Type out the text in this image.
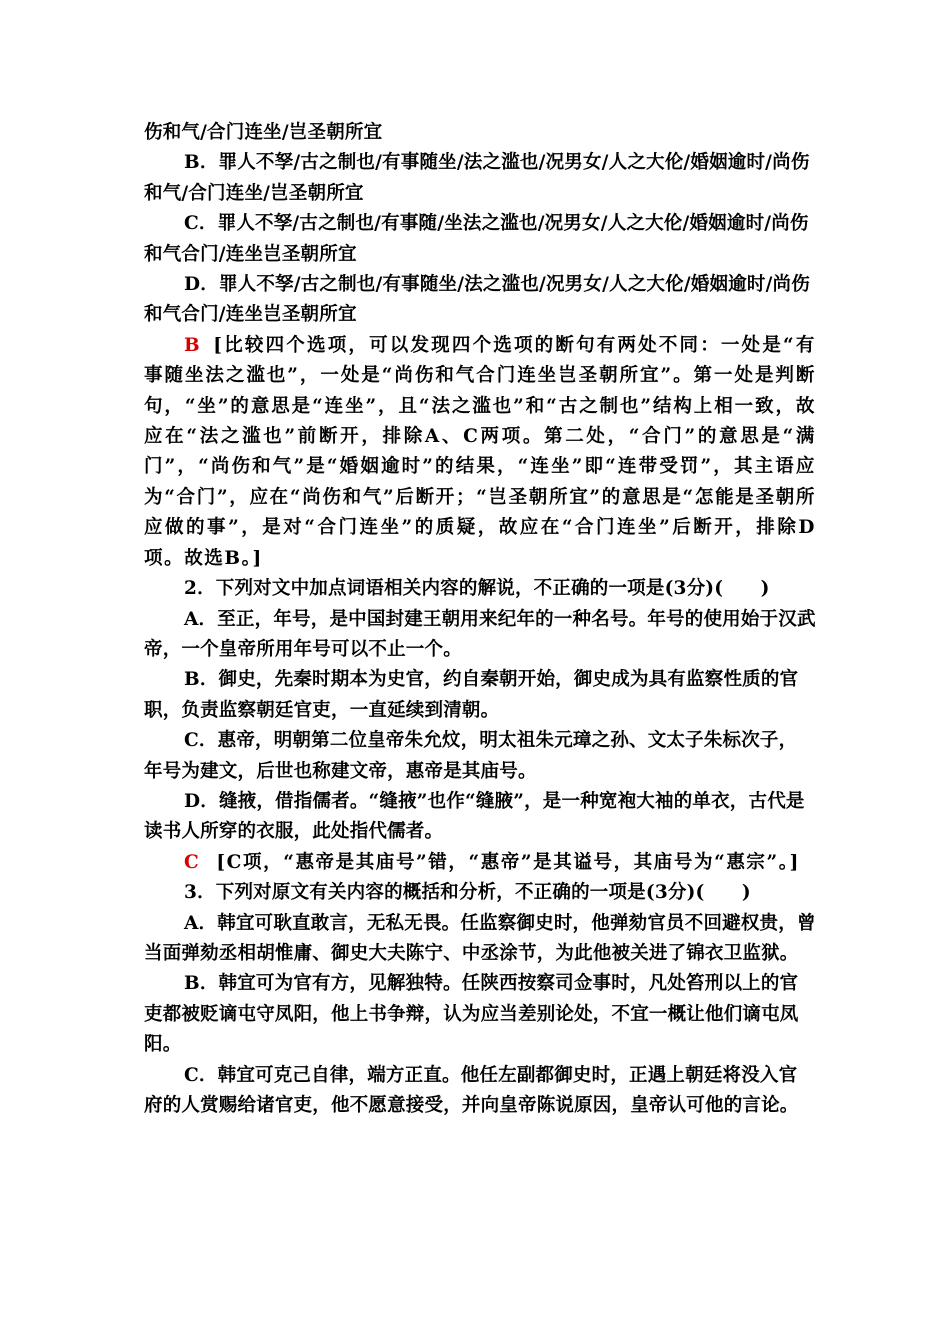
伤和气/合门连坐/岂圣朝所宜

B．罪人不孥/古之制也/有事随坐/法之滥也/况男女/人之大伦/婚姻逾时/尚伤和气/合门连坐/岂圣朝所宜

C．罪人不孥/古之制也/有事随/坐法之滥也/况男女/人之大伦/婚姻逾时/尚伤和气合门/连坐岂圣朝所宜

D．罪人不孥/古之制也/有事随坐/法之滥也/况男女/人之大伦/婚姻逾时/尚伤和气合门/连坐岂圣朝所宜

B [比较四个选项，可以发现四个选项的断句有两处不同：一处是“有事随坐法之滥也”，一处是“尚伤和气合门连坐岂圣朝所宜”。第一处是判断句，“坐”的意思是“连坐”，且“法之滥也”和“古之制也”结构上相一致，故应在“法之滥也”前断开，排除A、C两项。第二处，“合门”的意思是“满门”，“尚伤和气”是“婚姻逾时”的结果，“连坐”即“连带受罚”，其主语应为“合门”，应在“尚伤和气”后断开；“岂圣朝所宜”的意思是“怎能是圣朝所应做的事”，是对“合门连坐”的质疑，故应在“合门连坐”后断开，排除D项。故选B。]

2．下列对文中加点词语相关内容的解说，不正确的一项是(3分)(　　)

A．至正，年号，是中国封建王朝用来纪年的一种名号。年号的使用始于汉武帝，一个皇帝所用年号可以不止一个。

B．御史，先秦时期本为史官，约自秦朝开始，御史成为具有监察性质的官职，负责监察朝廷官吏，一直延续到清朝。

C．惠帝，明朝第二位皇帝朱允炆，明太祖朱元璋之孙、文太子朱标次子，年号为建文，后世也称建文帝，惠帝是其庙号。

D．缝掖，借指儒者。“缝掖”也作“缝腋”，是一种宽袍大袖的单衣，古代是读书人所穿的衣服，此处指代儒者。

C [C项，“惠帝是其庙号”错，“惠帝”是其谥号，其庙号为“惠宗”。]

3．下列对原文有关内容的概括和分析，不正确的一项是(3分)(　　)

A．韩宜可耿直敢言，无私无畏。任监察御史时，他弹劾官员不回避权贵，曾当面弹劾丞相胡惟庸、御史大夫陈宁、中丞涂节，为此他被关进了锦衣卫监狱。

B．韩宜可为官有方，见解独特。任陕西按察司佥事时，凡处笞刑以上的官吏都被贬谪屯守凤阳，他上书争辩，认为应当差别论处，不宜一概让他们谪屯凤阳。

C．韩宜可克己自律，端方正直。他任左副都御史时，正遇上朝廷将没入官府的人赏赐给诸官吏，他不愿意接受，并向皇帝陈说原因，皇帝认可他的言论。
